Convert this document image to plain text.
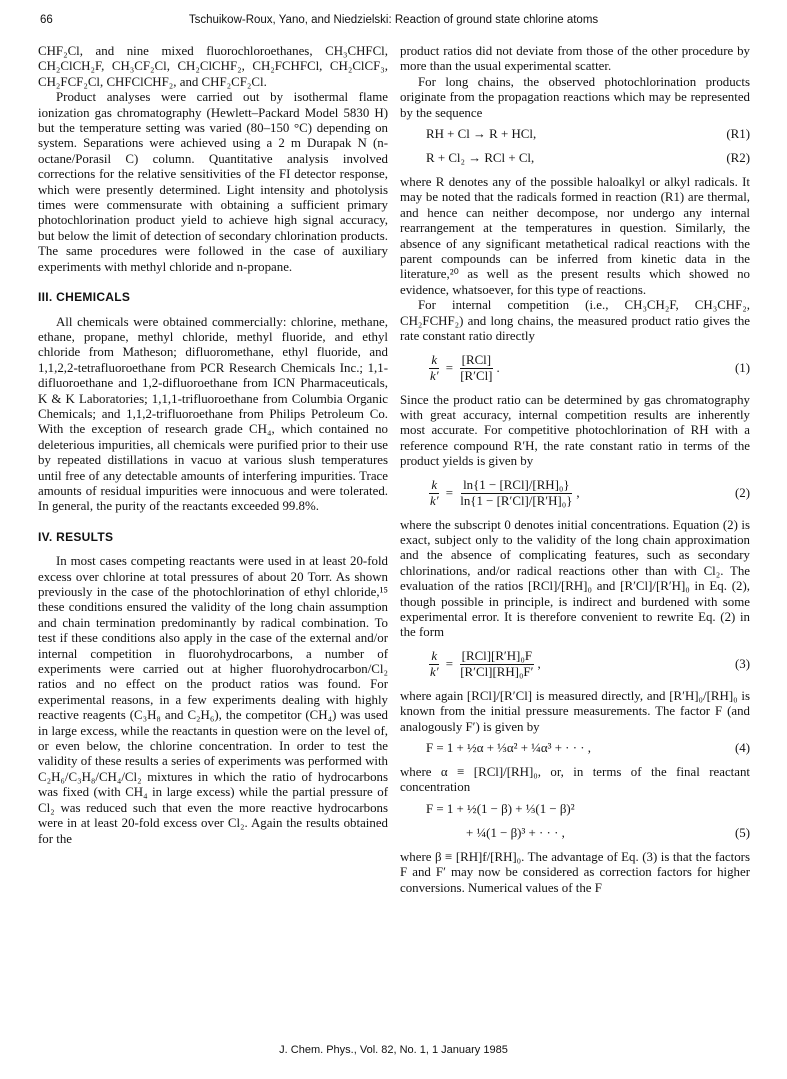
66	Tschuikow-Roux, Yano, and Niedzielski: Reaction of ground state chlorine atoms

CHF₂Cl, and nine mixed fluorochloroethanes, CH₃CHFCl, CH₂ClCH₂F, CH₃CF₂Cl, CH₂ClCHF₂, CH₂FCHFCl, CH₂ClCF₃, CH₂FCF₂Cl, CHFClCHF₂, and CHF₂CF₂Cl.

Product analyses were carried out by isothermal flame ionization gas chromatography (Hewlett–Packard Model 5830 H) but the temperature setting was varied (80–150 °C) depending on system. Separations were achieved using a 2 m Durapak N (n-octane/Porasil C) column. Quantitative analysis involved corrections for the relative sensitivities of the FI detector response, which were presently determined. Light intensity and photolysis times were commensurate with obtaining a sufficient primary photochlorination product yield to achieve high signal accuracy, but below the limit of detection of secondary chlorination products. The same procedures were followed in the case of auxiliary experiments with methyl chloride and n-propane.

III. CHEMICALS

All chemicals were obtained commercially: chlorine, methane, ethane, propane, methyl chloride, methyl fluoride, and ethyl chloride from Matheson; difluoromethane, ethyl fluoride, and 1,1,2,2-tetrafluoroethane from PCR Research Chemicals Inc.; 1,1-difluoroethane and 1,2-difluoroethane from ICN Pharmaceuticals, K & K Laboratories; 1,1,1-trifluoroethane from Columbia Organic Chemicals; and 1,1,2-trifluoroethane from Philips Petroleum Co. With the exception of research grade CH₄, which contained no deleterious impurities, all chemicals were purified prior to their use by repeated distillations in vacuo at various slush temperatures until free of any detectable amounts of interfering impurities. Trace amounts of residual impurities were innocuous and were tolerated. In general, the purity of the reactants exceeded 99.8%.

IV. RESULTS

In most cases competing reactants were used in at least 20-fold excess over chlorine at total pressures of about 20 Torr. As shown previously in the case of the photochlorination of ethyl chloride,¹⁵ these conditions ensured the validity of the long chain assumption and chain termination predominantly by radical combination. To test if these conditions also apply in the case of the external and/or internal competition in fluorohydrocarbons, a number of experiments were carried out at higher fluorohydrocarbon/Cl₂ ratios and no effect on the product ratios was found. For experimental reasons, in a few experiments dealing with highly reactive reagents (C₃H₈ and C₂H₆), the competitor (CH₄) was used in large excess, while the reactants in question were on the level of, or even below, the chlorine concentration. In order to test the validity of these results a series of experiments was performed with C₂H₆/C₃H₈/CH₄/Cl₂ mixtures in which the ratio of hydrocarbons was fixed (with CH₄ in large excess) while the partial pressure of Cl₂ was reduced such that even the more reactive hydrocarbons were in at least 20-fold excess over Cl₂. Again the results obtained for the

product ratios did not deviate from those of the other procedure by more than the usual experimental scatter.

For long chains, the observed photochlorination products originate from the propagation reactions which may be represented by the sequence

RH + Cl → R + HCl,	(R1)
R + Cl₂ → RCl + Cl,	(R2)

where R denotes any of the possible haloalkyl or alkyl radicals. It may be noted that the radicals formed in reaction (R1) are thermal, and hence can neither decompose, nor undergo any internal rearrangement at the temperatures in question. Similarly, the absence of any significant metathetical radical reactions with the parent compounds can be inferred from kinetic data in the literature,²⁰ as well as the present results which showed no evidence, whatsoever, for this type of reactions.

For internal competition (i.e., CH₃CH₂F, CH₃CHF₂, CH₂FCHF₂) and long chains, the measured product ratio gives the rate constant ratio directly

$\frac{k}{k'} = \frac{\text{[RCl]}}{[R'Cl]}$ .	(1)

Since the product ratio can be determined by gas chromatography with great accuracy, internal competition results are inherently most accurate. For competitive photochlorination of RH with a reference compound R′H, the rate constant ratio in terms of the product yields is given by

$\frac{k}{k'} = \frac{\text{ln\{1 − [RCl]/[RH]₀\}}}{\text{ln\{1 − [R′Cl]/[R′H]₀\}}}$ ,	(2)

where the subscript 0 denotes initial concentrations. Equation (2) is exact, subject only to the validity of the long chain approximation and the absence of complicating features, such as secondary chlorinations, and/or radical reactions other than with Cl₂. The evaluation of the ratios [RCl]/[RH]₀ and [R′Cl]/[R′H]₀ in Eq. (2), though possible in principle, is indirect and burdened with some experimental error. It is therefore convenient to rewrite Eq. (2) in the form

$\frac{k}{k'} = \frac{\text{[RCl][R′H]₀F}}{\text{[R′Cl][RH]₀F′}}$ ,	(3)

where again [RCl]/[R′Cl] is measured directly, and [R′H]₀/[RH]₀ is known from the initial pressure measurements. The factor F (and analogously F′) is given by

F = 1 + ½α + ⅓α² + ¼α³ + · · · ,	(4)

where α ≡ [RCl]/[RH]₀, or, in terms of the final reactant concentration

F = 1 + ½(1 − β) + ⅓(1 − β)²
+ ¼(1 − β)³ + · · · ,	(5)

where β ≡ [RH]f/[RH]₀. The advantage of Eq. (3) is that the factors F and F′ may now be considered as correction factors for higher conversions. Numerical values of the F

J. Chem. Phys., Vol. 82, No. 1, 1 January 1985
